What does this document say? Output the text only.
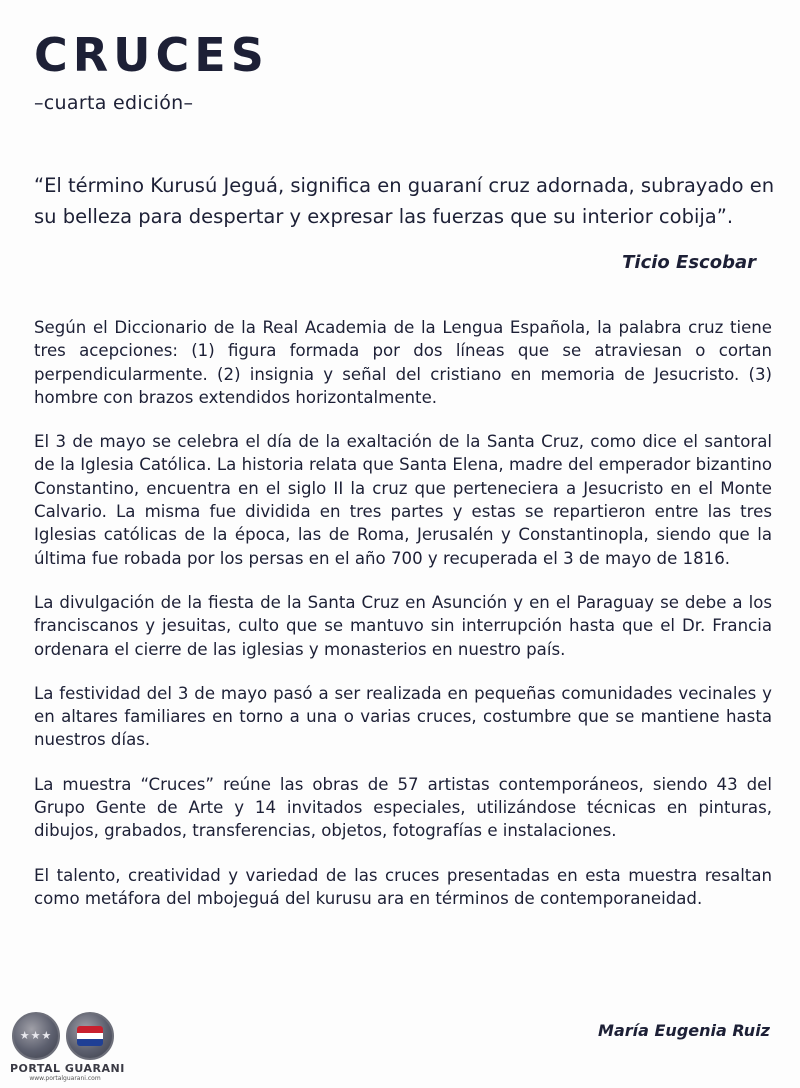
CRUCES
–cuarta edición–

“El término Kurusú Jeguá, significa en guaraní cruz adornada, subrayado en su belleza para despertar y expresar las fuerzas que su interior cobija”.

Ticio Escobar

Según el Diccionario de la Real Academia de la Lengua Española, la palabra cruz tiene tres acepciones: (1) figura formada por dos líneas que se atraviesan o cortan perpendicularmente. (2) insignia y señal del cristiano en memoria de Jesucristo. (3) hombre con brazos extendidos horizontalmente.

El 3 de mayo se celebra el día de la exaltación de la Santa Cruz, como dice el santoral de la Iglesia Católica. La historia relata que Santa Elena, madre del emperador bizantino Constantino, encuentra en el siglo II la cruz que perteneciera a Jesucristo en el Monte Calvario. La misma fue dividida en tres partes y estas se repartieron entre las tres Iglesias católicas de la época, las de Roma, Jerusalén y Constantinopla, siendo que la última fue robada por los persas en el año 700 y recuperada el 3 de mayo de 1816.

La divulgación de la fiesta de la Santa Cruz en Asunción y en el Paraguay se debe a los franciscanos y jesuitas, culto que se mantuvo sin interrupción hasta que el Dr. Francia ordenara el cierre de las iglesias y monasterios en nuestro país.

La festividad del 3 de mayo pasó a ser realizada en pequeñas comunidades vecinales y en altares familiares en torno a una o varias cruces, costumbre que se mantiene hasta nuestros días.

La muestra “Cruces” reúne las obras de 57 artistas contemporáneos, siendo 43 del Grupo Gente de Arte y 14 invitados especiales, utilizándose técnicas en pinturas, dibujos, grabados, transferencias, objetos, fotografías e instalaciones.

El talento, creatividad y variedad de las cruces presentadas en esta muestra resaltan como metáfora del mbojeguá del kurusu ara en términos de contemporaneidad.

María Eugenia Ruiz
★★★
PORTAL GUARANI
www.portalguarani.com
